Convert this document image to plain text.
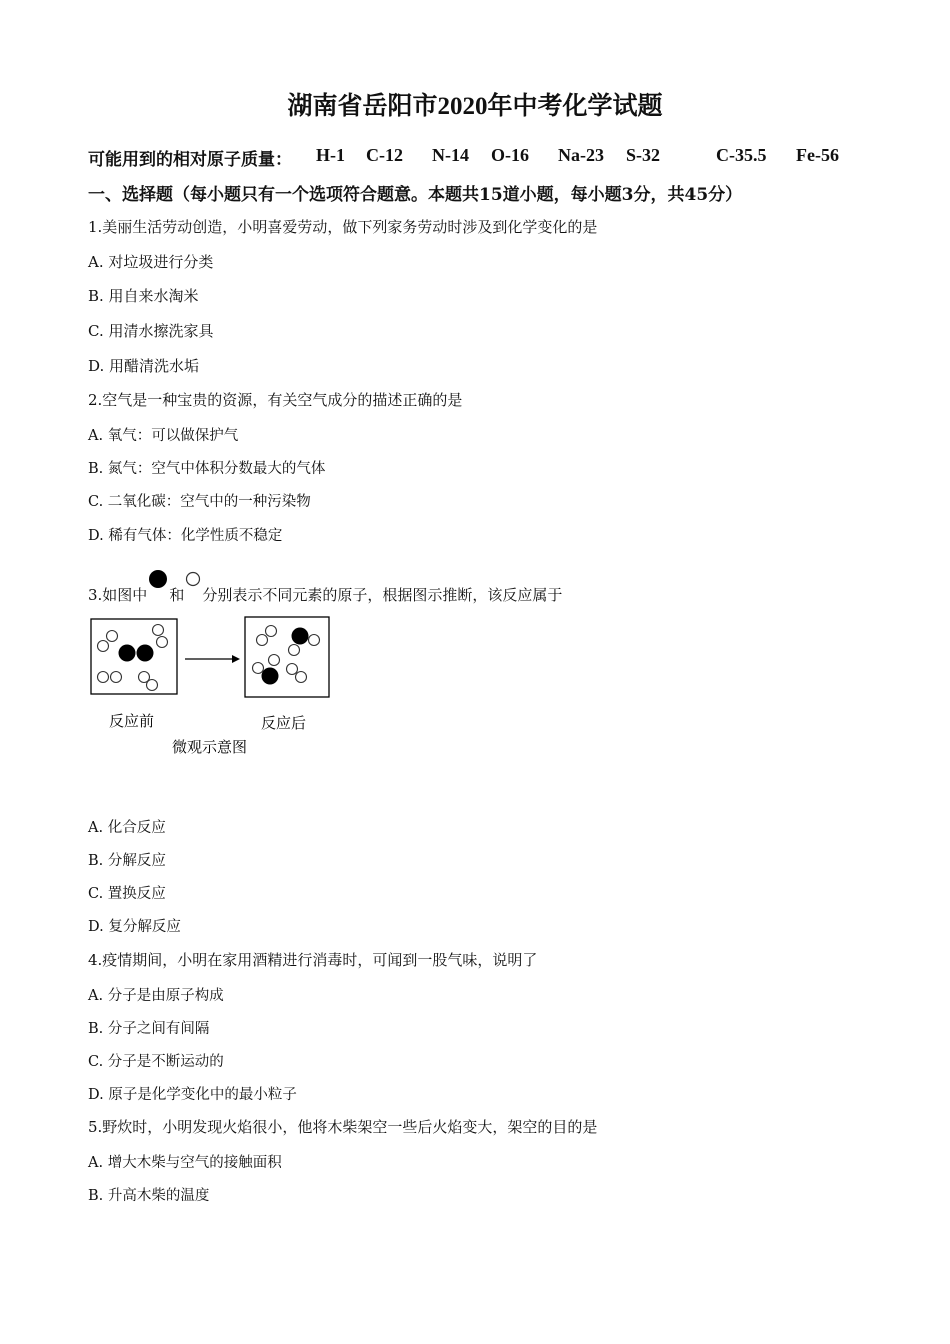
湖南省岳阳市2020年中考化学试题
可能用到的相对原子质量： H-1 C-12 N-14 O-16 Na-23 S-32	C-35.5 Fe-56
一、选择题（每小题只有一个选项符合题意。本题共15道小题，每小题3分，共45分）
1.美丽生活劳动创造，小明喜爱劳动，做下列家务劳动时涉及到化学变化的是
A. 对垃圾进行分类
B. 用自来水淘米
C. 用清水擦洗家具
D. 用醋清洗水垢
2.空气是一种宝贵的资源，有关空气成分的描述正确的是
A. 氧气：可以做保护气
B. 氮气：空气中体积分数最大的气体
C. 二氧化碳：空气中的一种污染物
D. 稀有气体：化学性质不稳定
3.如图中 和 分别表示不同元素的原子，根据图示推断，该反应属于
反应前	反应后
微观示意图
A. 化合反应
B. 分解反应
C. 置换反应
D. 复分解反应
4.疫情期间，小明在家用酒精进行消毒时，可闻到一股气味，说明了
A. 分子是由原子构成
B. 分子之间有间隔
C. 分子是不断运动的
D. 原子是化学变化中的最小粒子
5.野炊时，小明发现火焰很小，他将木柴架空一些后火焰变大，架空的目的是
A. 增大木柴与空气的接触面积
B. 升高木柴的温度
